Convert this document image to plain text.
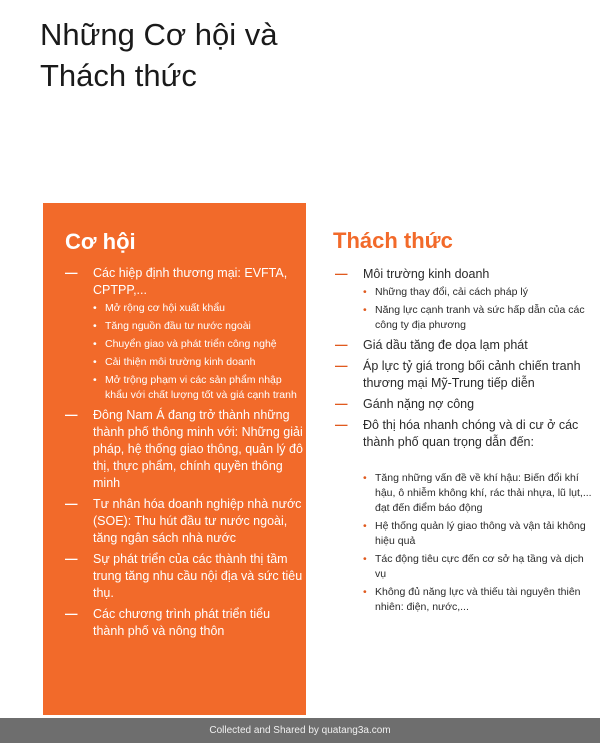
Những Cơ hội và
Thách thức
Cơ hội
— Các hiệp định thương mại: EVFTA, CPTPP,...
• Mở rộng cơ hội xuất khẩu
• Tăng nguồn đầu tư nước ngoài
• Chuyển giao và phát triển công nghệ
• Cải thiện môi trường kinh doanh
• Mở trộng phạm vi các sản phẩm nhập khẩu với chất lượng tốt và giá cạnh tranh
— Đông Nam Á đang trở thành những thành phố thông minh với: Những giải pháp, hệ thống giao thông, quản lý đô thị, thực phẩm, chính quyền thông minh
— Tư nhân hóa doanh nghiệp nhà nước (SOE): Thu hút đầu tư nước ngoài, tăng ngân sách nhà nước
— Sự phát triển của các thành thị tầm trung tăng nhu cầu nội địa và sức tiêu thụ.
— Các chương trình phát triển tiểu thành phố và nông thôn
Thách thức
— Môi trường kinh doanh
• Những thay đổi, cải cách pháp lý
• Năng lực cạnh tranh và sức hấp dẫn của các công ty địa phương
— Giá dầu tăng đe dọa lạm phát
— Áp lực tỷ giá trong bối cảnh chiến tranh thương mại Mỹ-Trung tiếp diễn
— Gánh nặng nợ công
— Đô thị hóa nhanh chóng và di cư ở các thành phố quan trọng dẫn đến:
• Tăng những vấn đề về khí hậu: Biến đổi khí hậu, ô nhiễm không khí, rác thải nhựa, lũ lụt,... đạt đến điểm báo động
• Hệ thống quản lý giao thông và vận tải không hiệu quả
• Tác động tiêu cực đến cơ sở hạ tầng và dịch vụ
• Không đủ năng lực và thiếu tài nguyên thiên nhiên: điện, nước,...
Collected and Shared by quatang3a.com
